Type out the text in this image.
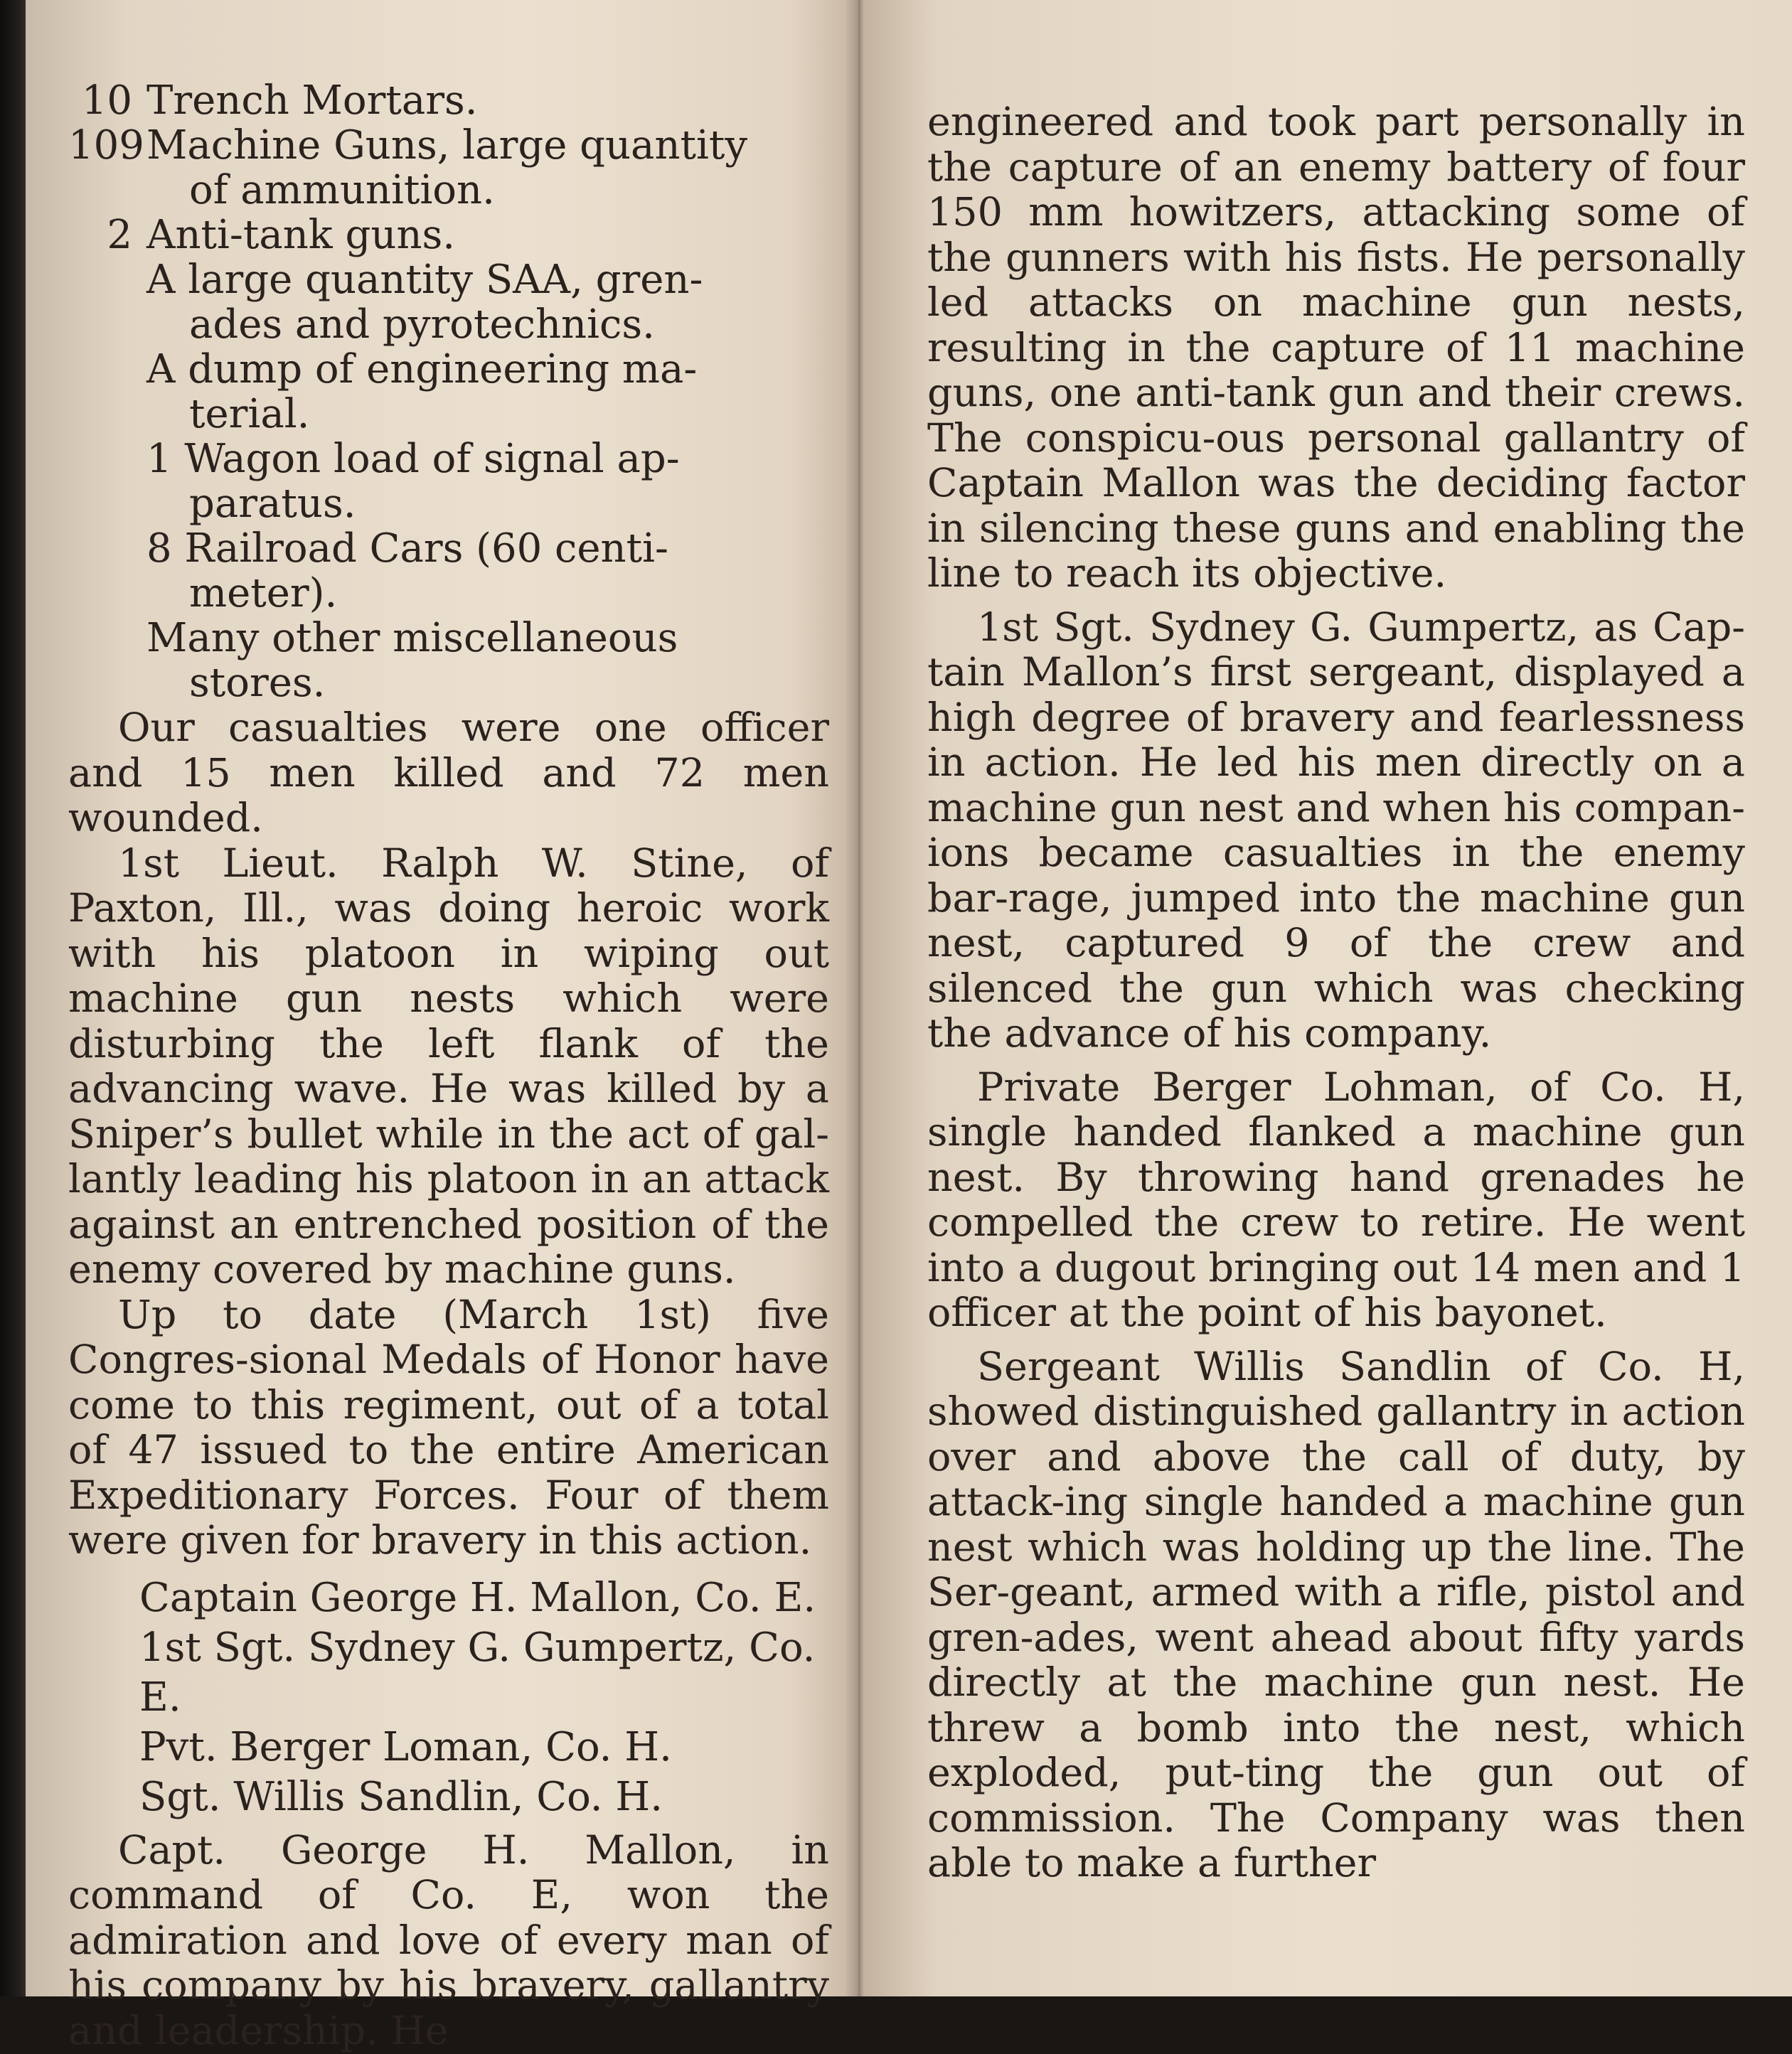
10 Trench Mortars.
109 Machine Guns, large quantity of ammunition.
2 Anti-tank guns.
A large quantity SAA, gren-ades and pyrotechnics.
A dump of engineering ma-terial.
1 Wagon load of signal ap-paratus.
8 Railroad Cars (60 centi-meter).
Many other miscellaneous stores.

Our casualties were one officer and 15 men killed and 72 men wounded.

1st Lieut. Ralph W. Stine, of Paxton, Ill., was doing heroic work with his platoon in wiping out machine gun nests which were disturbing the left flank of the advancing wave. He was killed by a Sniper’s bullet while in the act of gal-lantly leading his platoon in an attack against an entrenched position of the enemy covered by machine guns.

Up to date (March 1st) five Congres-sional Medals of Honor have come to this regiment, out of a total of 47 issued to the entire American Expeditionary Forces. Four of them were given for bravery in this action.

Captain George H. Mallon, Co. E.
1st Sgt. Sydney G. Gumpertz, Co. E.
Pvt. Berger Loman, Co. H.
Sgt. Willis Sandlin, Co. H.

Capt. George H. Mallon, in command of Co. E, won the admiration and love of every man of his company by his bravery, gallantry and leadership. He

engineered and took part personally in the capture of an enemy battery of four 150 mm howitzers, attacking some of the gunners with his fists. He personally led attacks on machine gun nests, resulting in the capture of 11 machine guns, one anti-tank gun and their crews. The conspicu-ous personal gallantry of Captain Mallon was the deciding factor in silencing these guns and enabling the line to reach its objective.

1st Sgt. Sydney G. Gumpertz, as Cap-tain Mallon’s first sergeant, displayed a high degree of bravery and fearlessness in action. He led his men directly on a machine gun nest and when his compan-ions became casualties in the enemy bar-rage, jumped into the machine gun nest, captured 9 of the crew and silenced the gun which was checking the advance of his company.

Private Berger Lohman, of Co. H, single handed flanked a machine gun nest. By throwing hand grenades he compelled the crew to retire. He went into a dugout bringing out 14 men and 1 officer at the point of his bayonet.

Sergeant Willis Sandlin of Co. H, showed distinguished gallantry in action over and above the call of duty, by attack-ing single handed a machine gun nest which was holding up the line. The Ser-geant, armed with a rifle, pistol and gren-ades, went ahead about fifty yards directly at the machine gun nest. He threw a bomb into the nest, which exploded, put-ting the gun out of commission. The Company was then able to make a further
